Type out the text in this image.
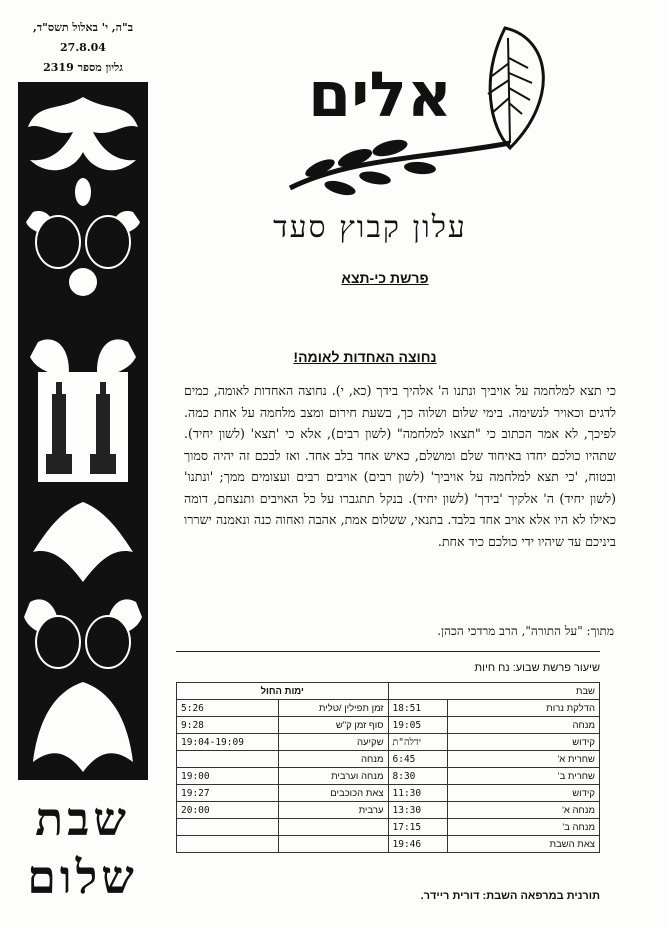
ב"ה, י' באלול תשס"ד,
27.8.04
גליון מספר 2319
שבת
שלום
אלים
עלון קבוץ סעד
פרשת כי-תצא
נחוצה האחדות לאומה!
כי תצא למלחמה על אויביך ונתנו ה' אלהיך בידך (כא, י). נחוצה האחדות לאומה, כמים לדגים וכאויר לנשימה. בימי שלום ושלוה כך, בשעת חירום ומצב מלחמה על אחת כמה. לפיכך, לא אמר הכתוב כי "תצאו למלחמה" (לשון רבים), אלא כי 'תצא' (לשון יחיד). שתהיו כולכם יחדו באיחוד שלם ומושלם, כאיש אחד בלב אחד. ואז לבכם זה יהיה סמוך ובטוח, 'כי תצא למלחמה על אויביך' (לשון רבים) אויבים רבים ועצומים ממך; 'ונתנו' (לשון יחיד) ה' אלקיך 'בידך' (לשון יחיד). בנקל תתגברו על כל האויבים ותנצחם, דומה כאילו לא היו אלא אויב אחד בלבד. בתנאי, ששלום אמת, אהבה ואחוה כנה ונאמנה ישררו ביניכם עד שיהיו ידי כולכם כיד אחת.
מתוך: "על התורה", הרב מרדכי הכהן.
שיעור פרשת שבוע: נח חיות
שבת		ימות החול	
הדלקת נרות	18:51	זמן תפילין /טלית	5:26
מנחה	19:05	סוף זמן ק"ש	9:28
קידוש	ידלה"ת	שקיעה	19:04-19:09
שחרית א'	6:45	מנחה	
שחרית ב'	8:30	מנחה וערבית	19:00
קידוש	11:30	צאת הכוכבים	19:27
מנחה א'	13:30	ערבית	20:00
מנחה ב'	17:15		
צאת השבת	19:46		
תורנית במרפאה השבת: דורית ריידר.
